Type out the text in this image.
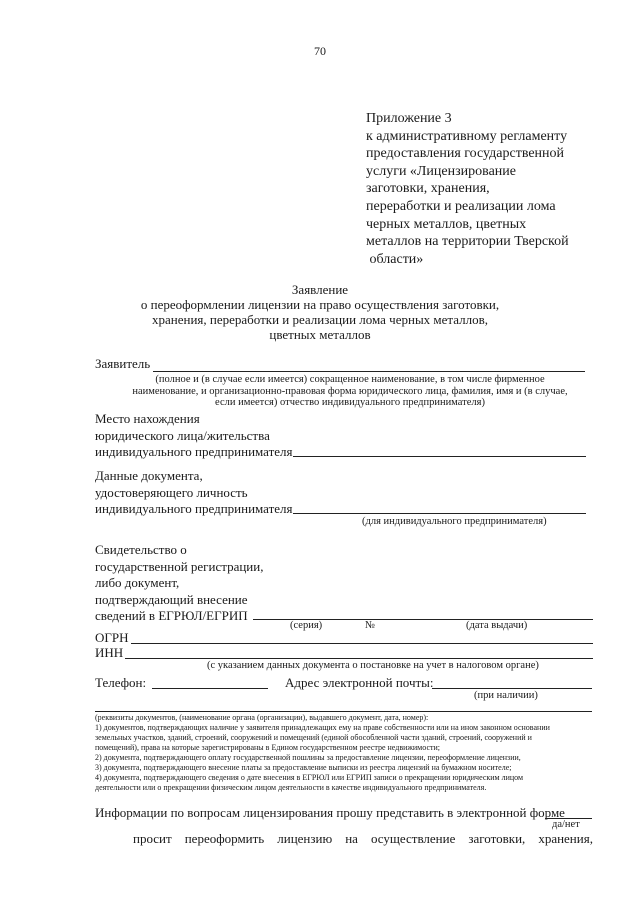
70
Приложение 3
к административному регламенту
предоставления государственной
услуги «Лицензирование
заготовки, хранения,
переработки и реализации лома
черных металлов, цветных
металлов на территории Тверской
области»
Заявление
о переоформлении лицензии на право осуществления заготовки,
хранения, переработки и реализации лома черных металлов,
цветных металлов
Заявитель
(полное и (в случае если имеется) сокращенное наименование, в том числе фирменное
наименование, и организационно-правовая форма юридического лица, фамилия, имя и (в случае,
если имеется) отчество индивидуального предпринимателя)
Место нахождения
юридического лица/жительства
индивидуального предпринимателя
Данные документа,
удостоверяющего личность
индивидуального предпринимателя
(для индивидуального предпринимателя)
Свидетельство о
государственной регистрации,
либо документ,
подтверждающий внесение
сведений в ЕГРЮЛ/ЕГРИП
(серия)	№	(дата выдачи)
ОГРН
ИНН
(с указанием данных документа о постановке на учет в налоговом органе)
Телефон:	Адрес электронной почты:
(при наличии)
(реквизиты документов, (наименование органа (организации), выдавшего документ, дата, номер):
1) документов, подтверждающих наличие у заявителя принадлежащих ему на праве собственности или на ином законном основании
земельных участков, зданий, строений, сооружений и помещений (единой обособленной части зданий, строений, сооружений и
помещений), права на которые зарегистрированы в Едином государственном реестре недвижимости;
2) документа, подтверждающего оплату государственной пошлины за предоставление лицензии, переоформление лицензии,
3) документа, подтверждающего внесение платы за предоставление выписки из реестра лицензий на бумажном носителе;
4) документа, подтверждающего сведения о дате внесения в ЕГРЮЛ или ЕГРИП записи о прекращении юридическим лицом
деятельности или о прекращении физическим лицом деятельности в качестве индивидуального предпринимателя.
Информации по вопросам лицензирования прошу представить в электронной форме
да/нет
просит переоформить лицензию на осуществление заготовки, хранения,
